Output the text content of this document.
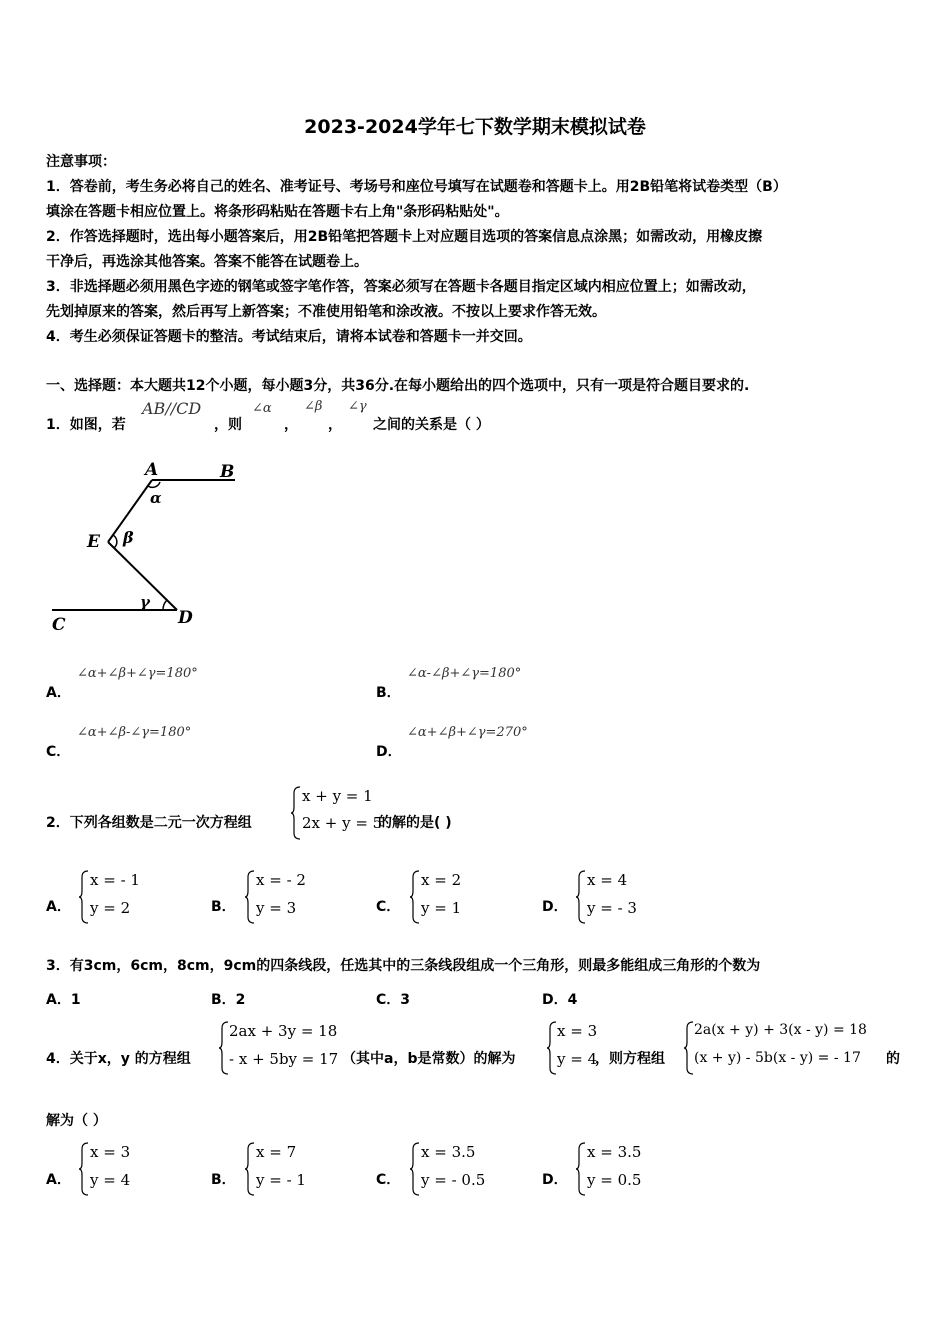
2023-2024学年七下数学期末模拟试卷
注意事项：
1．答卷前，考生务必将自己的姓名、准考证号、考场号和座位号填写在试题卷和答题卡上。用2B铅笔将试卷类型（B）
填涂在答题卡相应位置上。将条形码粘贴在答题卡右上角"条形码粘贴处"。
2．作答选择题时，选出每小题答案后，用2B铅笔把答题卡上对应题目选项的答案信息点涂黑；如需改动，用橡皮擦
干净后，再选涂其他答案。答案不能答在试题卷上。
3．非选择题必须用黑色字迹的钢笔或签字笔作答，答案必须写在答题卡各题目指定区域内相应位置上；如需改动，
先划掉原来的答案，然后再写上新答案；不准使用铅笔和涂改液。不按以上要求作答无效。
4．考生必须保证答题卡的整洁。考试结束后，请将本试卷和答题卡一并交回。
一、选择题：本大题共12个小题，每小题3分，共36分.在每小题给出的四个选项中，只有一项是符合题目要求的.
1．如图，若
AB//CD
，则
∠α
，
∠β
，
∠γ
之间的关系是（ ）
A	B
E
C	D
α
β
γ
A．
∠α+∠β+∠γ=180°
B．
∠α-∠β+∠γ=180°
C．
∠α+∠β-∠γ=180°
D．
∠α+∠β+∠γ=270°
2．下列各组数是二元一次方程组
x + y = 1
2x + y = 5
的解的是( )
A．
x = - 1
y = 2	B．
x = - 2
y = 3	C．
x = 2
y = 1	D．
x = 4
y = - 3
3．有3cm，6cm，8cm，9cm的四条线段，任选其中的三条线段组成一个三角形，则最多能组成三角形的个数为
A．1	B．2	C．3	D．4
4．关于x，y 的方程组
2ax + 3y = 18
- x + 5by = 17 （其中a，b是常数）的解为
x = 3
y = 4
，则方程组
2a(x + y) + 3(x - y) = 18
(x + y) - 5b(x - y) = - 17 的
解为（ ）
A．
x = 3
y = 4	B．
x = 7
y = - 1	C．
x = 3.5
y = - 0.5	D．
x = 3.5
y = 0.5
